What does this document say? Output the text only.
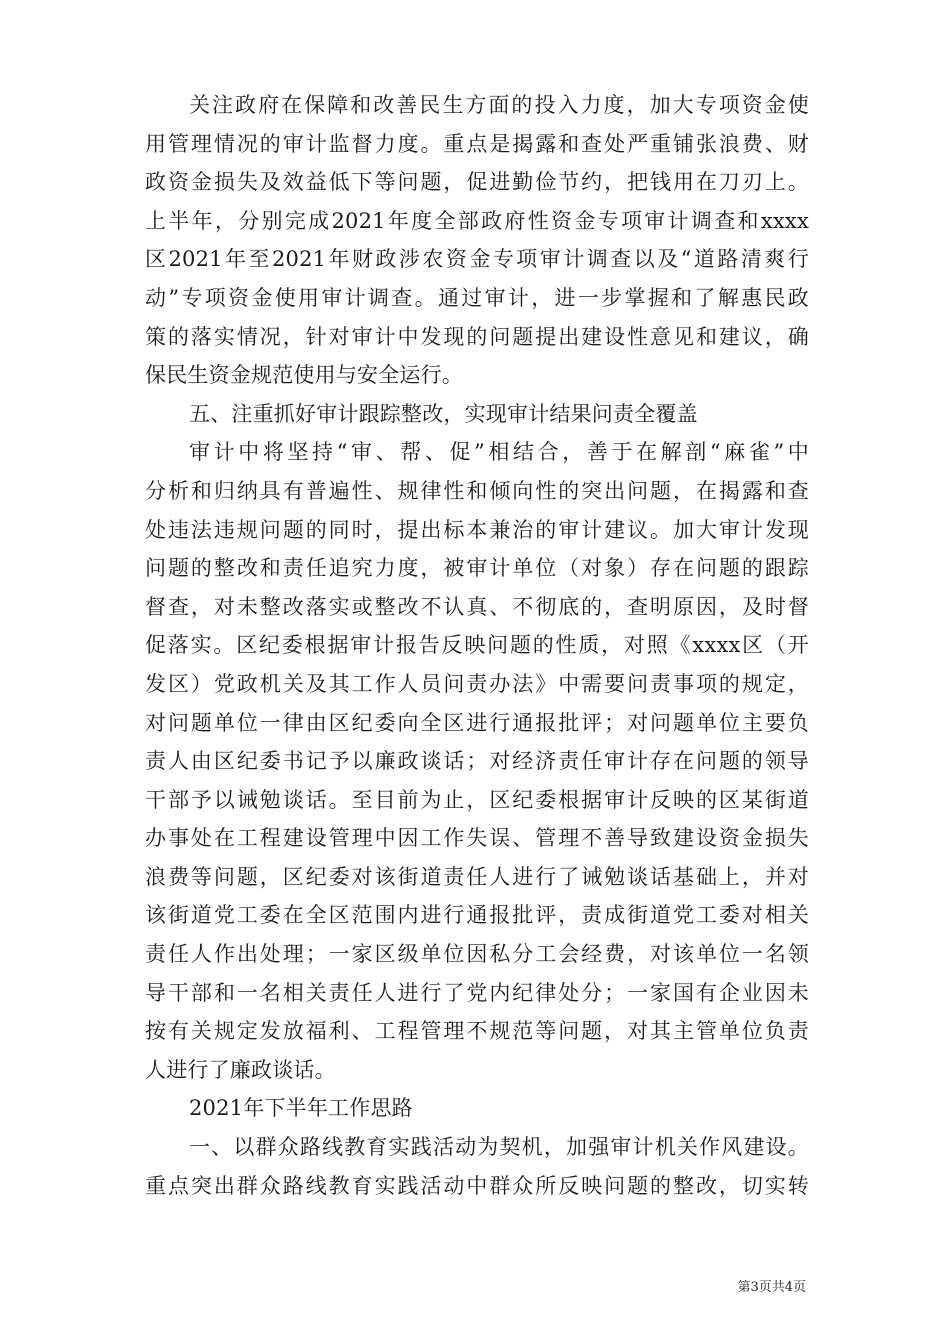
关注政府在保障和改善民生方面的投入力度，加大专项资金使
用管理情况的审计监督力度。重点是揭露和查处严重铺张浪费、财
政资金损失及效益低下等问题，促进勤俭节约，把钱用在刀刃上。
上半年，分别完成2021年度全部政府性资金专项审计调查和xxxx
区2021年至2021年财政涉农资金专项审计调查以及“道路清爽行
动”专项资金使用审计调查。通过审计，进一步掌握和了解惠民政
策的落实情况，针对审计中发现的问题提出建设性意见和建议，确
保民生资金规范使用与安全运行。
五、注重抓好审计跟踪整改，实现审计结果问责全覆盖
审计中将坚持“审、帮、促”相结合，善于在解剖“麻雀”中
分析和归纳具有普遍性、规律性和倾向性的突出问题，在揭露和查
处违法违规问题的同时，提出标本兼治的审计建议。加大审计发现
问题的整改和责任追究力度，被审计单位（对象）存在问题的跟踪
督查，对未整改落实或整改不认真、不彻底的，查明原因，及时督
促落实。区纪委根据审计报告反映问题的性质，对照《xxxx区（开
发区）党政机关及其工作人员问责办法》中需要问责事项的规定，
对问题单位一律由区纪委向全区进行通报批评；对问题单位主要负
责人由区纪委书记予以廉政谈话；对经济责任审计存在问题的领导
干部予以诫勉谈话。至目前为止，区纪委根据审计反映的区某街道
办事处在工程建设管理中因工作失误、管理不善导致建设资金损失
浪费等问题，区纪委对该街道责任人进行了诫勉谈话基础上，并对
该街道党工委在全区范围内进行通报批评，责成街道党工委对相关
责任人作出处理；一家区级单位因私分工会经费，对该单位一名领
导干部和一名相关责任人进行了党内纪律处分；一家国有企业因未
按有关规定发放福利、工程管理不规范等问题，对其主管单位负责
人进行了廉政谈话。
2021年下半年工作思路
一、以群众路线教育实践活动为契机，加强审计机关作风建设。
重点突出群众路线教育实践活动中群众所反映问题的整改，切实转
第3页共4页
